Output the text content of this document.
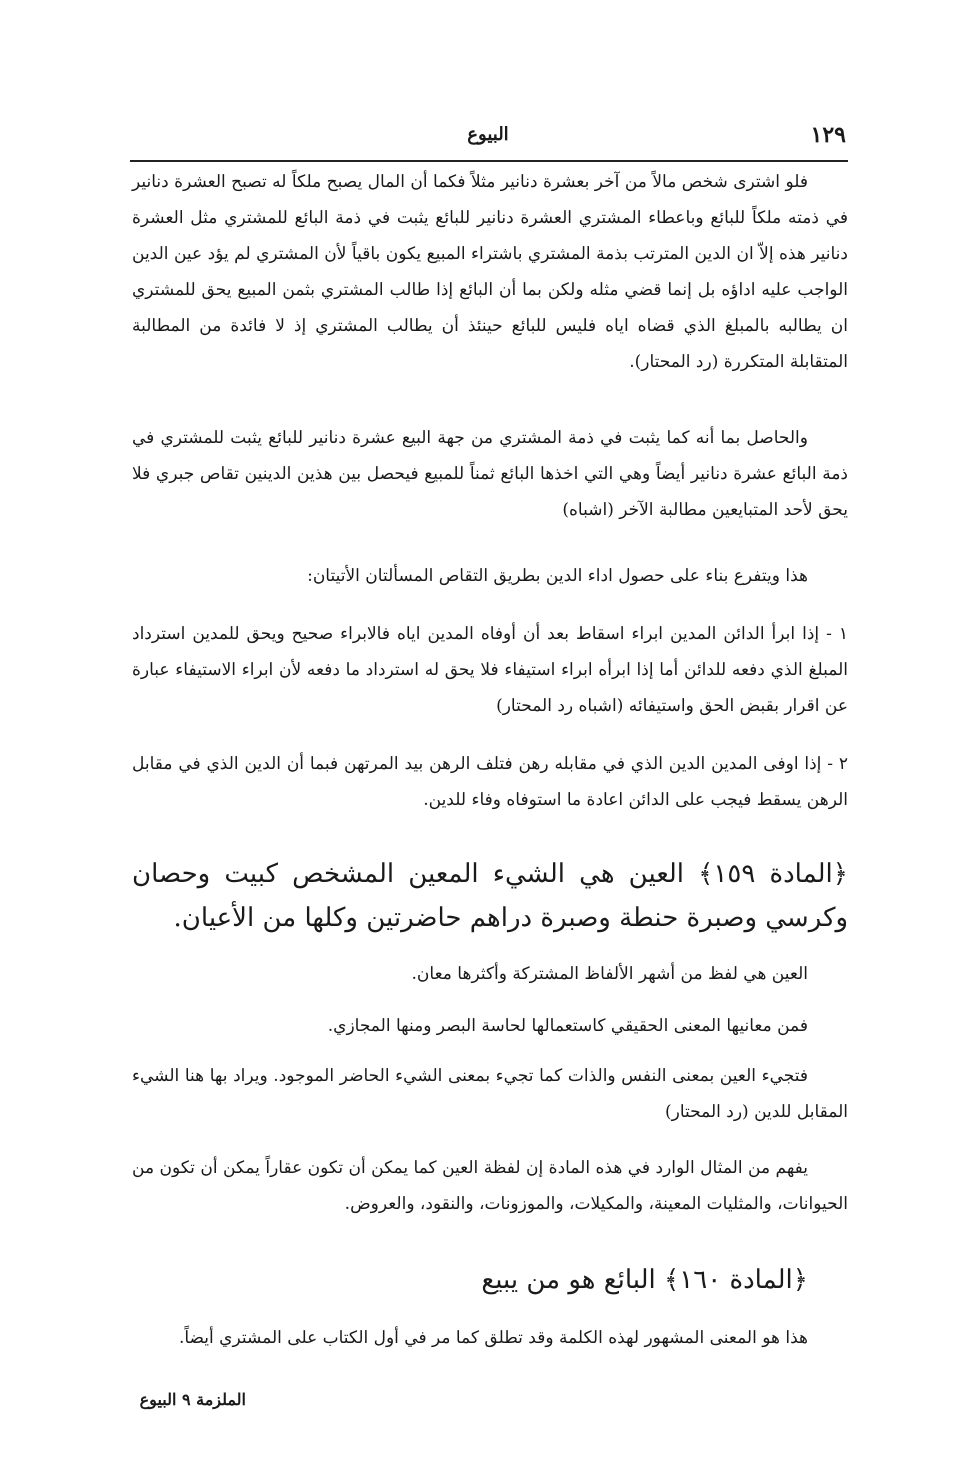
١٢٩
البيوع

فلو اشترى شخص مالاً من آخر بعشرة دنانير مثلاً فكما أن المال يصبح ملكاً له تصبح العشرة دنانير في ذمته ملكاً للبائع وباعطاء المشتري العشرة دنانير للبائع يثبت في ذمة البائع للمشتري مثل العشرة دنانير هذه إلاّ ان الدين المترتب بذمة المشتري باشتراء المبيع يكون باقياً لأن المشتري لم يؤد عين الدين الواجب عليه اداؤه بل إنما قضي مثله ولكن بما أن البائع إذا طالب المشتري بثمن المبيع يحق للمشتري ان يطالبه بالمبلغ الذي قضاه اياه فليس للبائع حينئذ أن يطالب المشتري إذ لا فائدة من المطالبة المتقابلة المتكررة (رد المحتار).

والحاصل بما أنه كما يثبت في ذمة المشتري من جهة البيع عشرة دنانير للبائع يثبت للمشتري في ذمة البائع عشرة دنانير أيضاً وهي التي اخذها البائع ثمناً للمبيع فيحصل بين هذين الدينين تقاص جبري فلا يحق لأحد المتبايعين مطالبة الآخر (اشباه)

هذا ويتفرع بناء على حصول اداء الدين بطريق التقاص المسألتان الأتيتان:

١ - إذا ابرأ الدائن المدين ابراء اسقاط بعد أن أوفاه المدين اياه فالابراء صحيح ويحق للمدين استرداد المبلغ الذي دفعه للدائن أما إذا ابرأه ابراء استيفاء فلا يحق له استرداد ما دفعه لأن ابراء الاستيفاء عبارة عن اقرار بقبض الحق واستيفائه (اشباه رد المحتار)

٢ - إذا اوفى المدين الدين الذي في مقابله رهن فتلف الرهن بيد المرتهن فبما أن الدين الذي في مقابل الرهن يسقط فيجب على الدائن اعادة ما استوفاه وفاء للدين.

﴿المادة ١٥٩﴾ العين هي الشيء المعين المشخص كبيت وحصان وكرسي وصبرة حنطة وصبرة دراهم حاضرتين وكلها من الأعيان.

العين هي لفظ من أشهر الألفاظ المشتركة وأكثرها معان.

فمن معانيها المعنى الحقيقي كاستعمالها لحاسة البصر ومنها المجازي.

فتجيء العين بمعنى النفس والذات كما تجيء بمعنى الشيء الحاضر الموجود. ويراد بها هنا الشيء المقابل للدين (رد المحتار)

يفهم من المثال الوارد في هذه المادة إن لفظة العين كما يمكن أن تكون عقاراً يمكن أن تكون من الحيوانات، والمثليات المعينة، والمكيلات، والموزونات، والنقود، والعروض.

﴿المادة ١٦٠﴾ البائع هو من يبيع

هذا هو المعنى المشهور لهذه الكلمة وقد تطلق كما مر في أول الكتاب على المشتري أيضاً.

الملزمة ٩ البيوع
